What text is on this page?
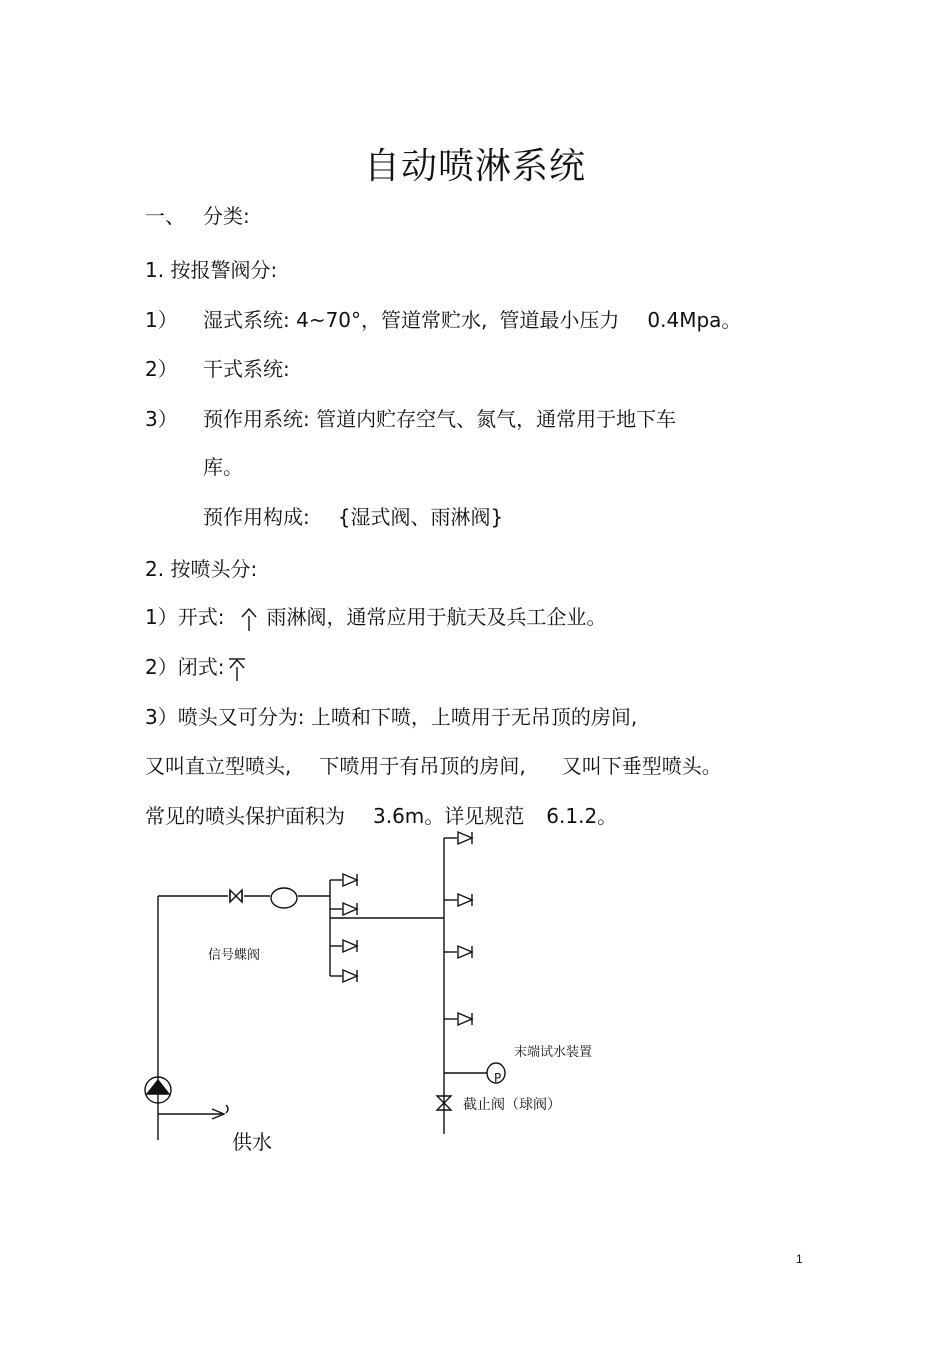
自动喷淋系统
一、 分类:
1. 按报警阀分:
1） 湿式系统: 4~70°，管道常贮水, 管道最小压力 0.4Mpa。
2） 干式系统:
3） 预作用系统: 管道内贮存空气、氮气，通常用于地下车
库。
预作用构成: {湿式阀、雨淋阀}
2. 按喷头分:
1）开式: 雨淋阀，通常应用于航天及兵工企业。
2）闭式:
3）喷头又可分为: 上喷和下喷，上喷用于无吊顶的房间,
又叫直立型喷头, 下喷用于有吊顶的房间, 又叫下垂型喷头。
常见的喷头保护面积为 3.6m。详见规范 6.1.2。
信号蝶阀
末端试水装置
P
截止阀（球阀）
供水
1
